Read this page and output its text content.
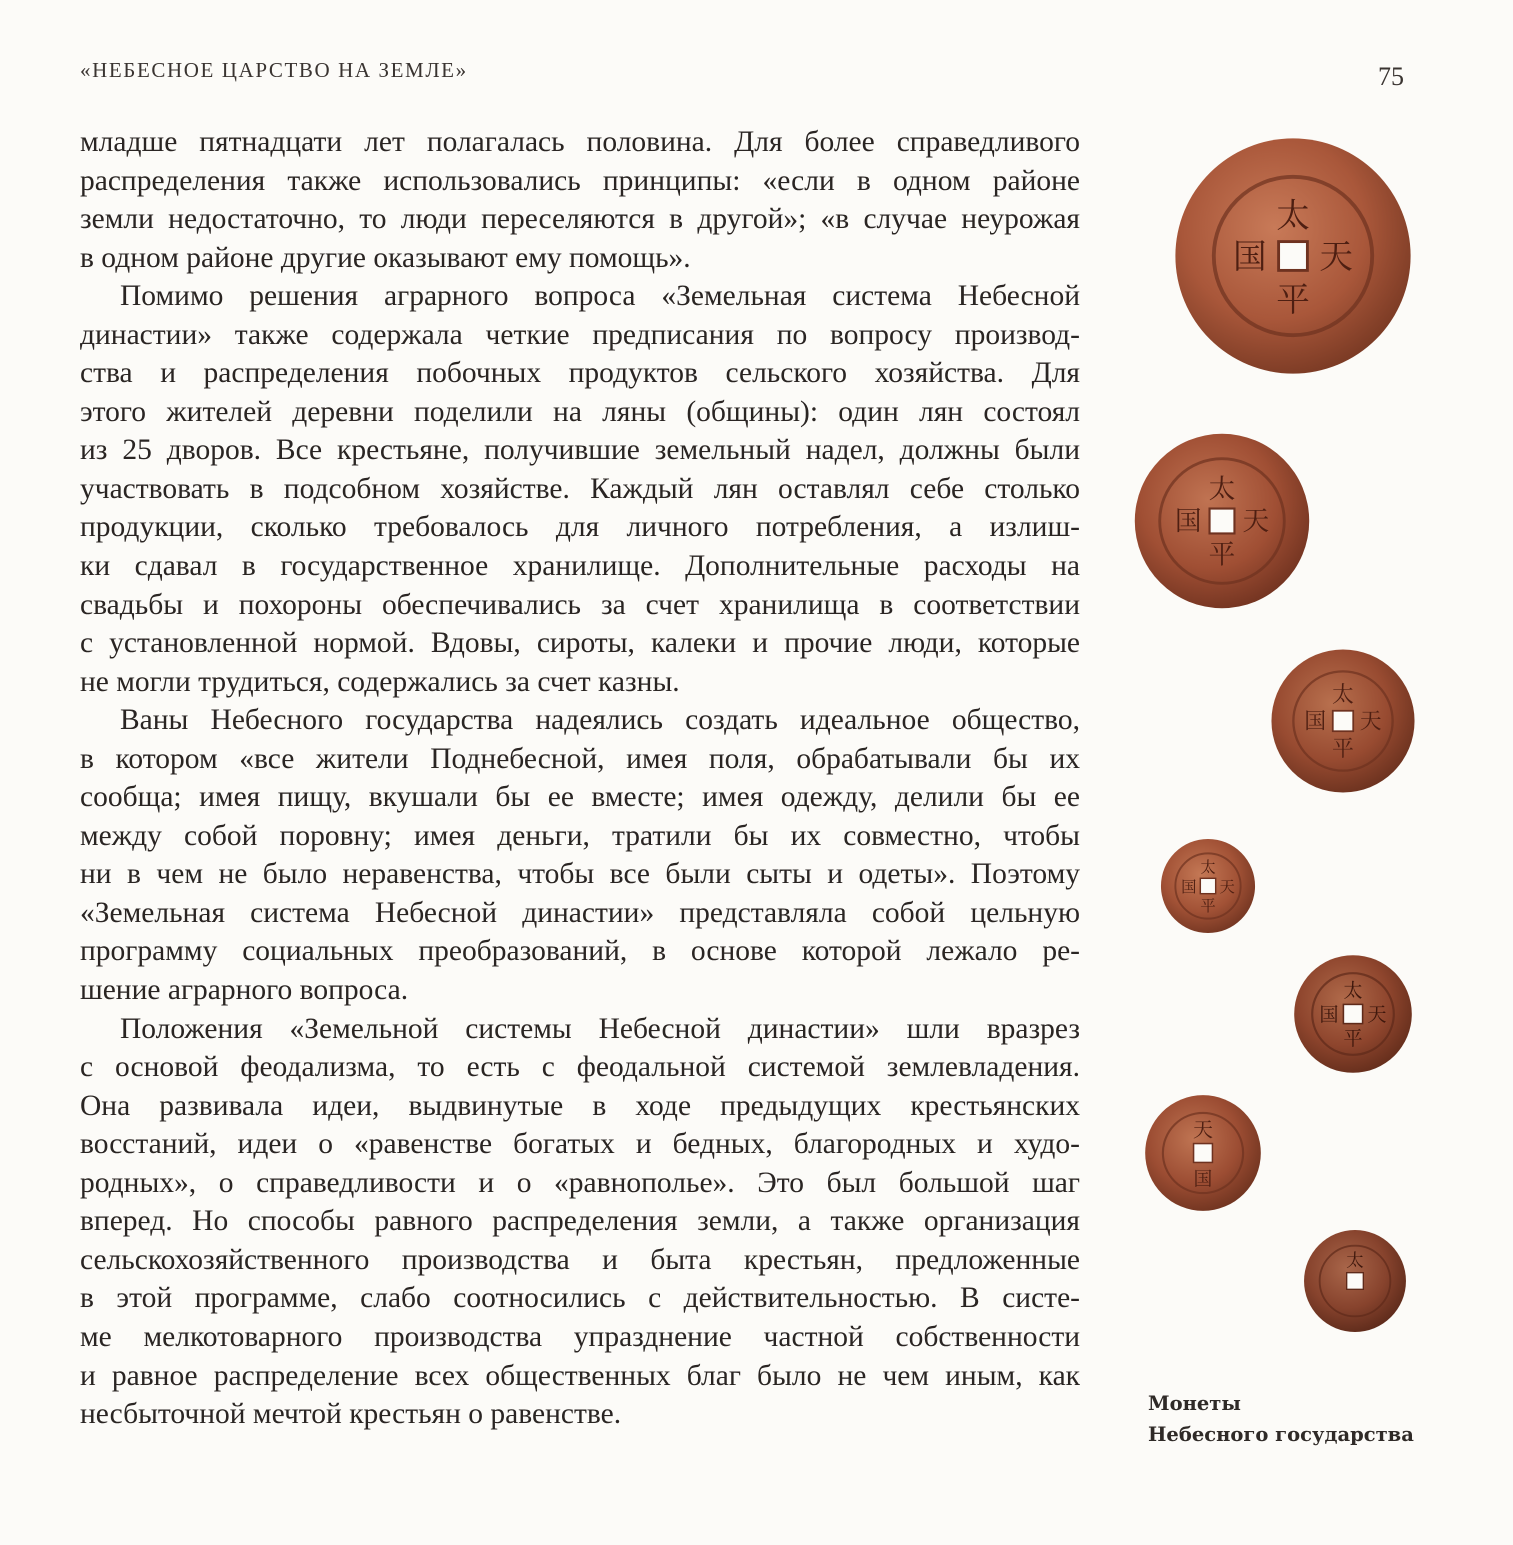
«НЕБЕСНОЕ ЦАРСТВО НА ЗЕМЛЕ»	75
младше пятнадцати лет полагалась половина. Для более справедливого
распределения также использовались принципы: «если в одном районе
земли недостаточно, то люди переселяются в другой»; «в случае неурожая
в одном районе другие оказывают ему помощь».
Помимо решения аграрного вопроса «Земельная система Небесной
династии» также содержала четкие предписания по вопросу производ-
ства и распределения побочных продуктов сельского хозяйства. Для
этого жителей деревни поделили на ляны (общины): один лян состоял
из 25 дворов. Все крестьяне, получившие земельный надел, должны были
участвовать в подсобном хозяйстве. Каждый лян оставлял себе столько
продукции, сколько требовалось для личного потребления, а излиш-
ки сдавал в государственное хранилище. Дополнительные расходы на
свадьбы и похороны обеспечивались за счет хранилища в соответствии
с установленной нормой. Вдовы, сироты, калеки и прочие люди, которые
не могли трудиться, содержались за счет казны.
Ваны Небесного государства надеялись создать идеальное общество,
в котором «все жители Поднебесной, имея поля, обрабатывали бы их
сообща; имея пищу, вкушали бы ее вместе; имея одежду, делили бы ее
между собой поровну; имея деньги, тратили бы их совместно, чтобы
ни в чем не было неравенства, чтобы все были сыты и одеты». Поэтому
«Земельная система Небесной династии» представляла собой цельную
программу социальных преобразований, в основе которой лежало ре-
шение аграрного вопроса.
Положения «Земельной системы Небесной династии» шли вразрез
с основой феодализма, то есть с феодальной системой землевладения.
Она развивала идеи, выдвинутые в ходе предыдущих крестьянских
восстаний, идеи о «равенстве богатых и бедных, благородных и худо-
родных», о справедливости и о «равнополье». Это был большой шаг
вперед. Но способы равного распределения земли, а также организация
сельскохозяйственного производства и быта крестьян, предложенные
в этой программе, слабо соотносились с действительностью. В систе-
ме мелкотоварного производства упразднение частной собственности
и равное распределение всех общественных благ было не чем иным, как
несбыточной мечтой крестьян о равенстве.
太
天
平
国
太
天
平
国
太
天
平
国
太
天
平
国
太
天
平
国
天
国
太
Монеты
Небесного государства
